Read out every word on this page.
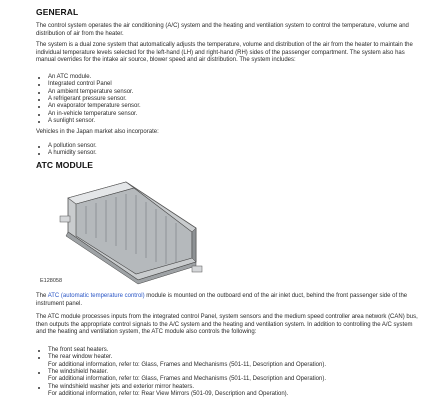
GENERAL

The control system operates the air conditioning (A/C) system and the heating and ventilation system to control the temperature, volume and distribution of air from the heater.

The system is a dual zone system that automatically adjusts the temperature, volume and distribution of the air from the heater to maintain the individual temperature levels selected for the left-hand (LH) and right-hand (RH) sides of the passenger compartment. The system also has manual overrides for the intake air source, blower speed and air distribution. The system includes:

An ATC module.
Integrated control Panel
An ambient temperature sensor.
A refrigerant pressure sensor.
An evaporator temperature sensor.
An in-vehicle temperature sensor.
A sunlight sensor.

Vehicles in the Japan market also incorporate:

A pollution sensor.
A humidity sensor.
ATC MODULE
E128058

The ATC (automatic temperature control) module is mounted on the outboard end of the air inlet duct, behind the front passenger side of the instrument panel.

The ATC module processes inputs from the integrated control Panel, system sensors and the medium speed controller area network (CAN) bus, then outputs the appropriate control signals to the A/C system and the heating and ventilation system. In addition to controlling the A/C system and the heating and ventilation system, the ATC module also controls the following:

The front seat heaters.
The rear window heater.
For additional information, refer to: Glass, Frames and Mechanisms (501-11, Description and Operation).
The windshield heater.
For additional information, refer to: Glass, Frames and Mechanisms (501-11, Description and Operation).
The windshield washer jets and exterior mirror heaters.
For additional information, refer to: Rear View Mirrors (501-09, Description and Operation).
